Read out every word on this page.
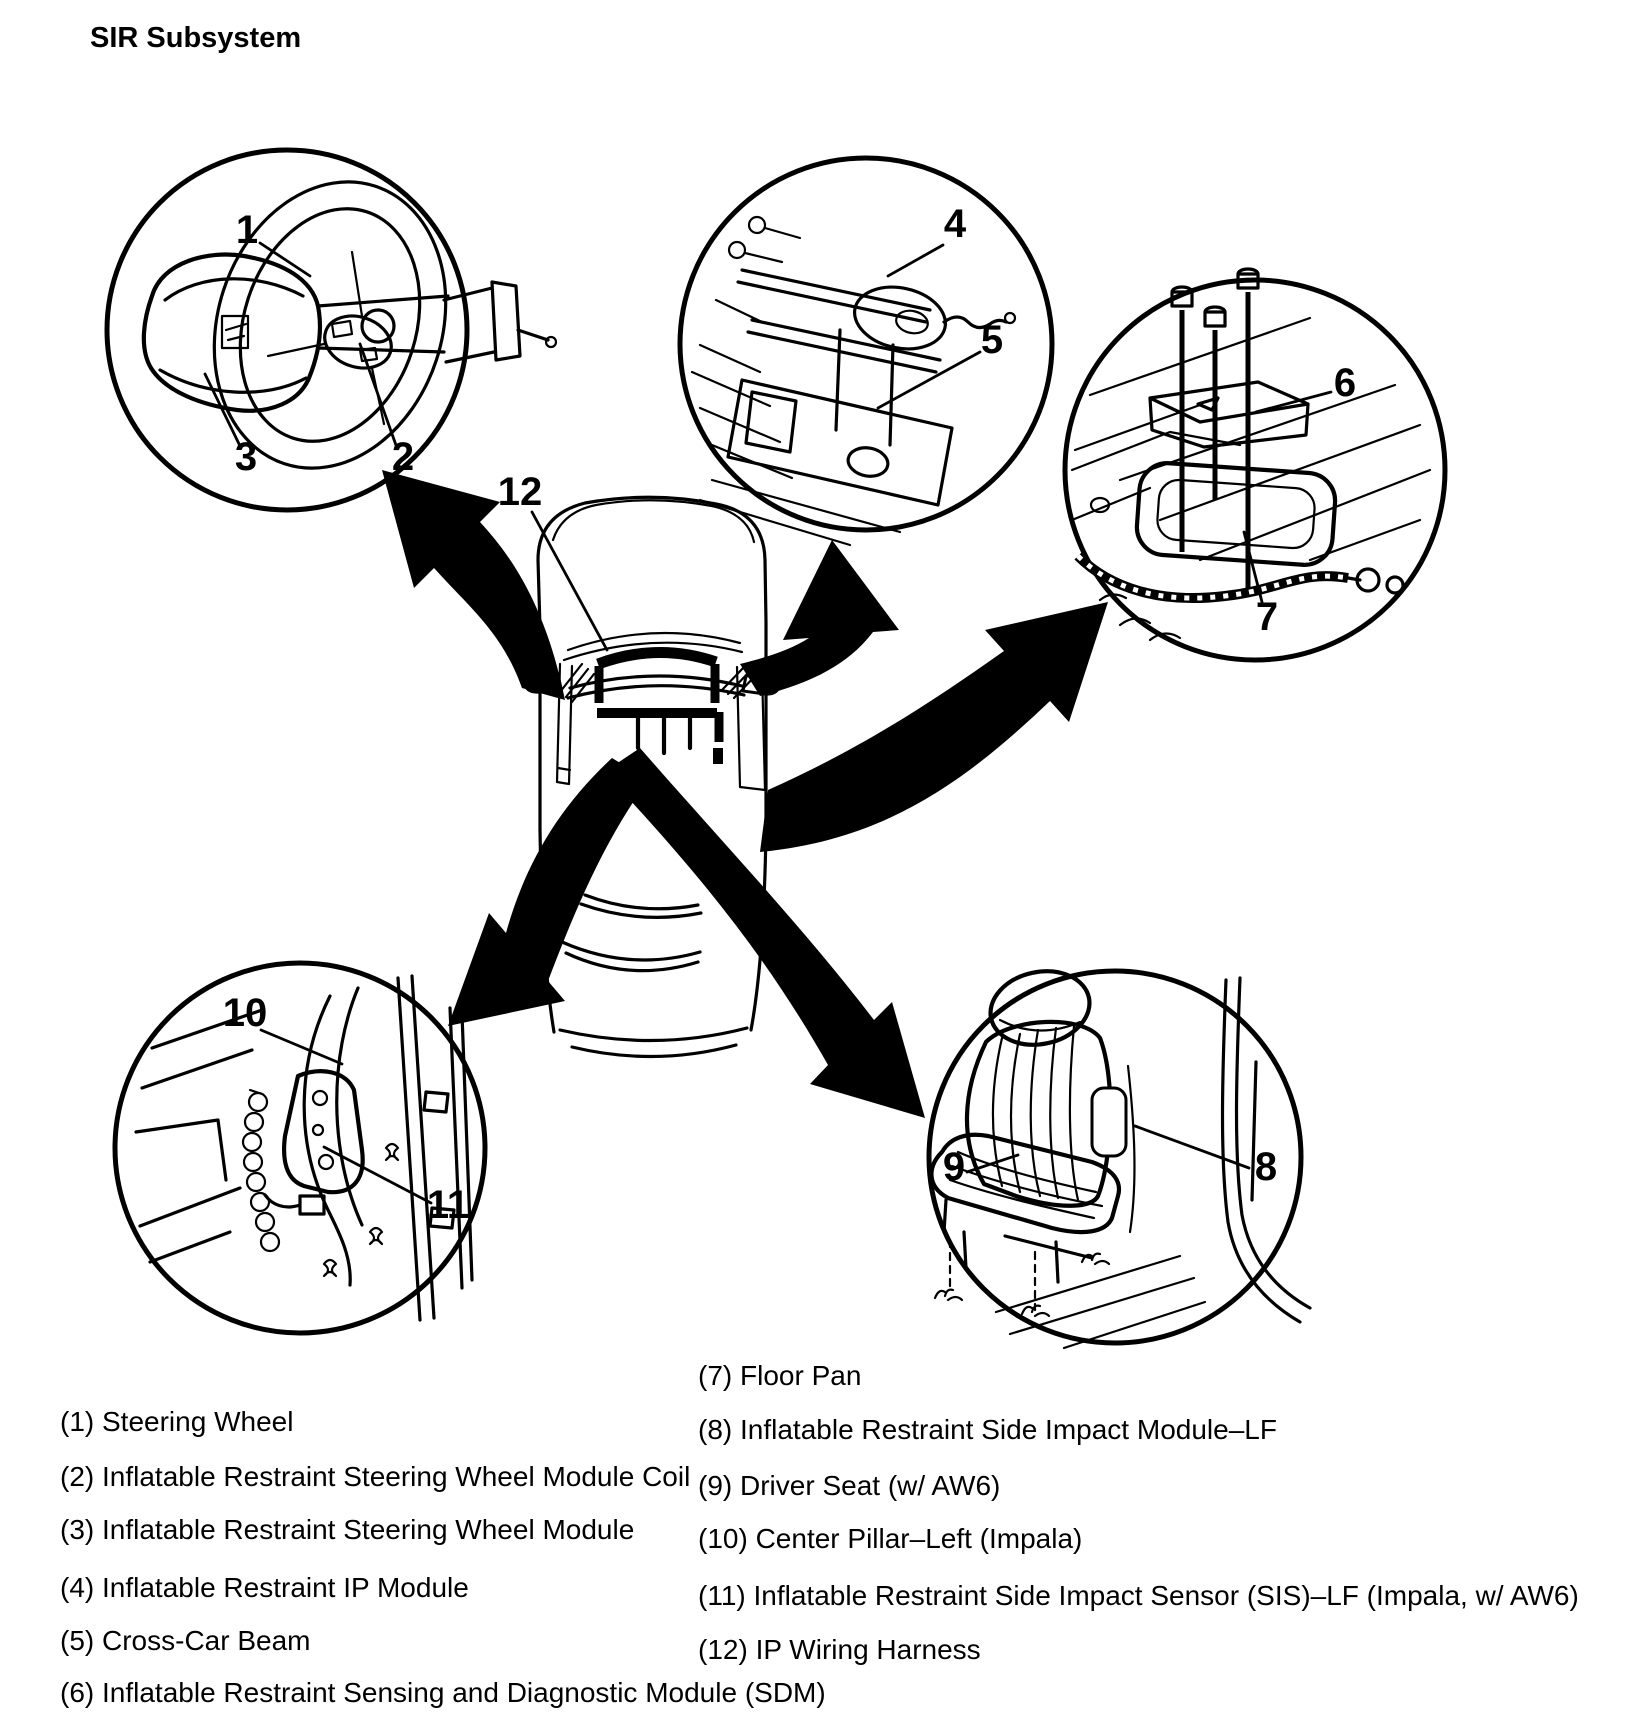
SIR Subsystem
12
1
2
3
4
5
6
7
10
11
9	8
(1) Steering Wheel
(2) Inflatable Restraint Steering Wheel Module Coil
(3) Inflatable Restraint Steering Wheel Module
(4) Inflatable Restraint IP Module
(5) Cross-Car Beam
(6) Inflatable Restraint Sensing and Diagnostic Module (SDM)
(7) Floor Pan
(8) Inflatable Restraint Side Impact Module–LF
(9) Driver Seat (w/ AW6)
(10) Center Pillar–Left (Impala)
(11) Inflatable Restraint Side Impact Sensor (SIS)–LF (Impala, w/ AW6)
(12) IP Wiring Harness
